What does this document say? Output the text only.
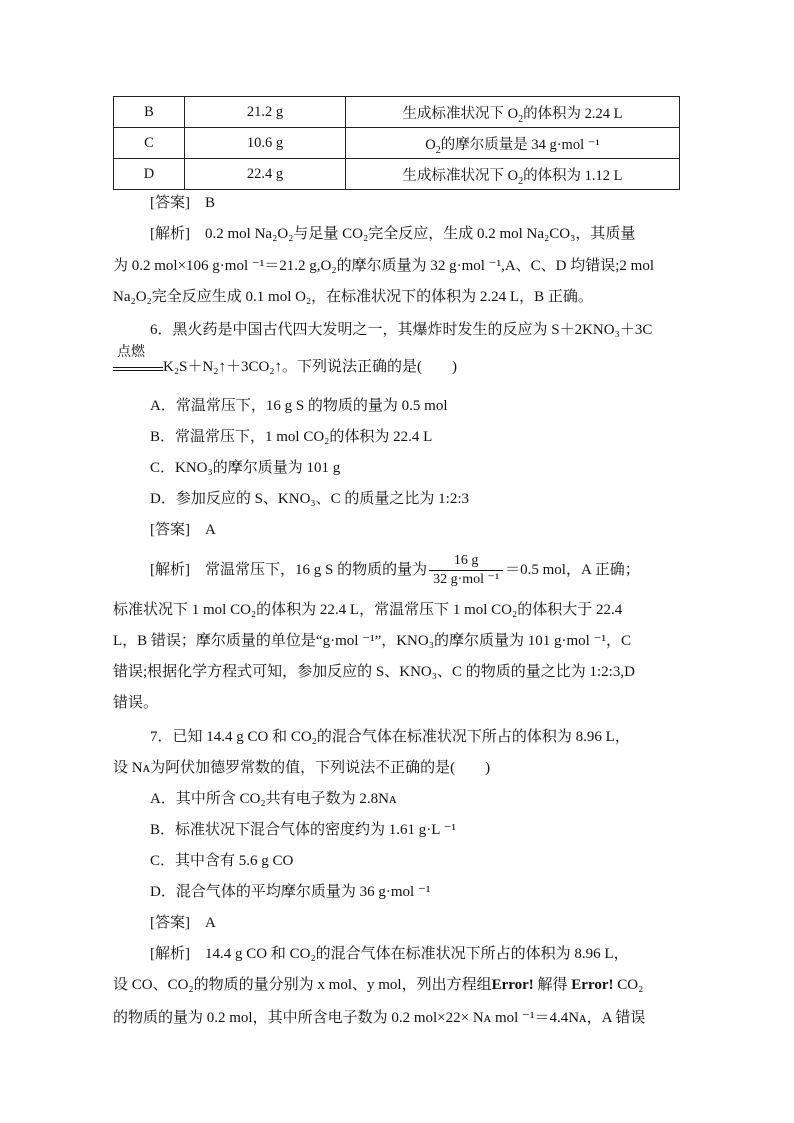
B	21.2 g	生成标准状况下 $O_2$的体积为 2.24 L
C	10.6 g	$O_2$的摩尔质量是 34 g·mol ⁻¹
D	22.4 g	生成标准状况下 $O_2$的体积为 1.12 L
[答案]　 B
[解析]　 0.2 mol Na₂O₂与足量 CO₂完全反应，生成 0.2 mol Na₂CO₃，其质量
为 0.2 mol×106 g·mol ⁻¹＝21.2 g,O₂的摩尔质量为 32 g·mol ⁻¹,A、C、D 均错误;2 mol
Na₂O₂完全反应生成 0.1 mol O₂，在标准状况下的体积为 2.24 L，B 正确。
6．黑火药是中国古代四大发明之一，其爆炸时发生的反应为 S＋2KNO₃＋3C
点燃
K₂S＋N₂↑＋3CO₂↑。下列说法正确的是(　　)
A．常温常压下，16 g S 的物质的量为 0.5 mol
B．常温常压下，1 mol CO₂的体积为 22.4 L
C．KNO₃的摩尔质量为 101 g
D．参加反应的 S、KNO₃、C 的质量之比为 1:2:3
[答案]　 A
[解析]　 常温常压下，16 g S 的物质的量为 $\frac{16 g}{\text{32 g·mol ⁻¹}} =0.5$ mol，A 正确；
标准状况下 1 mol CO₂的体积为 22.4 L，常温常压下 1 mol CO₂的体积大于 22.4
L，B 错误；摩尔质量的单位是“g·mol ⁻¹”，KNO₃的摩尔质量为 101 g·mol ⁻¹，C
错误;根据化学方程式可知，参加反应的 S、KNO₃、C 的物质的量之比为 1:2:3,D
错误。
7．已知 14.4 g CO 和 CO₂的混合气体在标准状况下所占的体积为 8.96 L，
设 Nᴀ为阿伏加德罗常数的值，下列说法不正确的是(　　)
A．其中所含 CO₂共有电子数为 2.8Nᴀ
B．标准状况下混合气体的密度约为 1.61 g·L ⁻¹
C．其中含有 5.6 g CO
D．混合气体的平均摩尔质量为 36 g·mol ⁻¹
[答案]　 A
[解析]　 14.4 g CO 和 CO₂的混合气体在标准状况下所占的体积为 8.96 L，
设 CO、CO₂的物质的量分别为 x mol、y mol，列出方程组Error! 解得 Error! CO₂
的物质的量为 0.2 mol，其中所含电子数为 0.2 mol×22× Nᴀ mol ⁻¹＝4.4Nᴀ，A 错误
